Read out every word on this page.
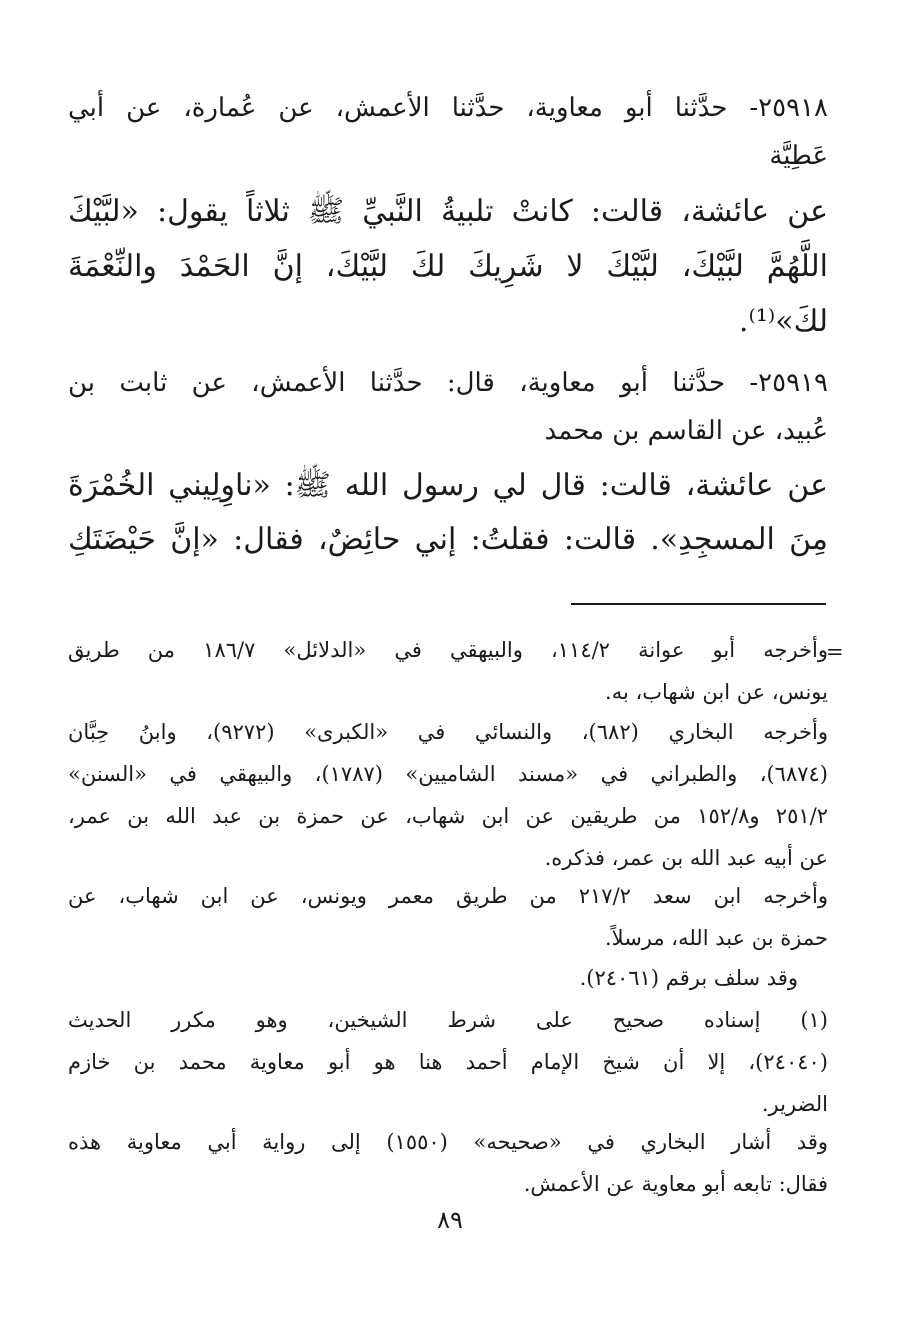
٢٥٩١٨- حدَّثنا أبو معاوية، حدَّثنا الأعمش، عن عُمارة، عن أبي
عَطِيَّة
عن عائشة، قالت: كانتْ تلبيةُ النَّبيِّ ﷺ ثلاثاً يقول: «لبَّيْكَ
اللَّهُمَّ لبَّيْكَ، لبَّيْكَ لا شَرِيكَ لكَ لبَّيْكَ، إنَّ الحَمْدَ والنِّعْمَةَ
لكَ»⁽¹⁾.
٢٥٩١٩- حدَّثنا أبو معاوية، قال: حدَّثنا الأعمش، عن ثابت بن
عُبيد، عن القاسم بن محمد
عن عائشة، قالت: قال لي رسول الله ﷺ: «ناوِلِيني الخُمْرَةَ
مِنَ المسجِدِ». قالت: فقلتُ: إني حائِضٌ، فقال: «إنَّ حَيْضَتَكِ
=
وأخرجه أبو عوانة ١١٤/٢، والبيهقي في «الدلائل» ١٨٦/٧ من طريق
يونس، عن ابن شهاب، به.
وأخرجه البخاري (٦٨٢)، والنسائي في «الكبرى» (٩٢٧٢)، وابنُ حِبَّان
(٦٨٧٤)، والطبراني في «مسند الشاميين» (١٧٨٧)، والبيهقي في «السنن»
٢٥١/٢ و١٥٢/٨ من طريقين عن ابن شهاب، عن حمزة بن عبد الله بن عمر،
عن أبيه عبد الله بن عمر، فذكره.
وأخرجه ابن سعد ٢١٧/٢ من طريق معمر ويونس، عن ابن شهاب، عن
حمزة بن عبد الله، مرسلاً.
وقد سلف برقم (٢٤٠٦١).
(١) إسناده صحيح على شرط الشيخين، وهو مكرر الحديث
(٢٤٠٤٠)، إلا أن شيخ الإمام أحمد هنا هو أبو معاوية محمد بن خازم
الضرير.
وقد أشار البخاري في «صحيحه» (١٥٥٠) إلى رواية أبي معاوية هذه
فقال: تابعه أبو معاوية عن الأعمش.
٨٩
